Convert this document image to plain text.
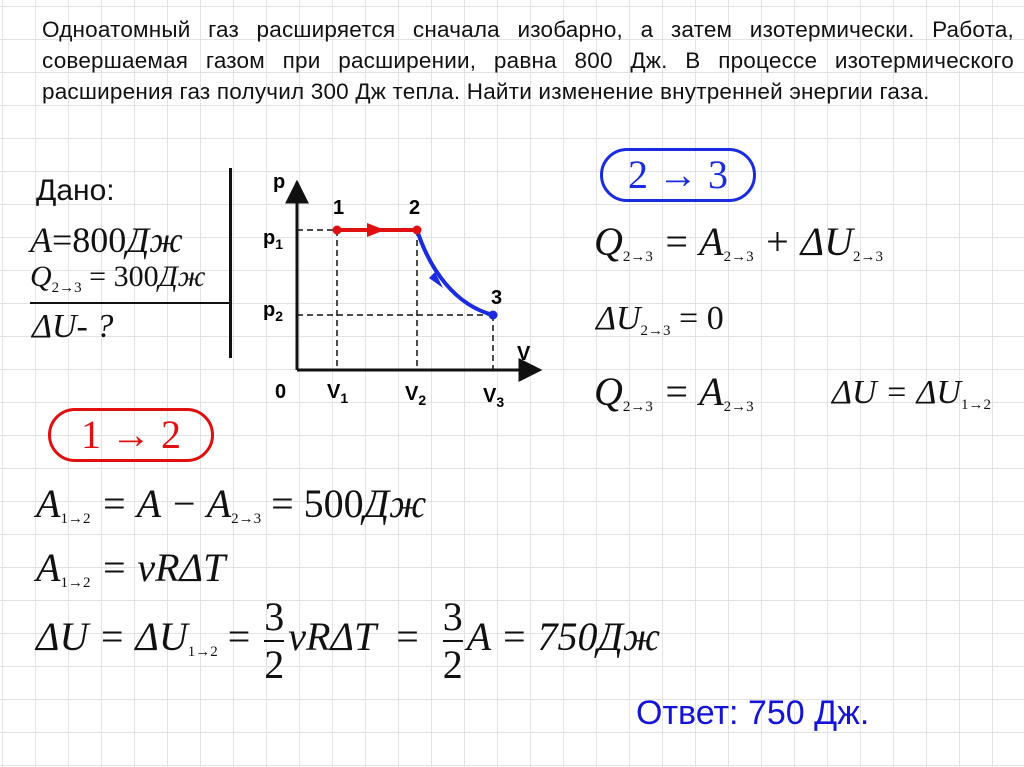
Одноатомный газ расширяется сначала изобарно, а затем изотермически. Работа, совершаемая газом при расширении, равна 800 Дж. В процессе изотермического расширения газ получил 300 Дж тепла. Найти изменение внутренней энергии газа.

Дано:
A=800Дж
$Q_{2\to 3} = 300Дж$
ΔU- ?
p
V
0
$p_1$
$p_2$
$V_1$	$V_2$	$V_3$
1	2
3
2 → 3
Q2→3 = A2→3 + ΔU2→3
ΔU2→3 = 0
Q2→3 = A2→3 ΔU = ΔU1→2
1 → 2
A1→2 = A − A2→3 = 500Дж
A1→2 = νRΔT
$\Delta U = \Delta U1\to 2 = \frac{3}{2}$ $\nu R\Delta T = \frac{3}{2}$ A = 750Дж
Ответ: 750 Дж.
